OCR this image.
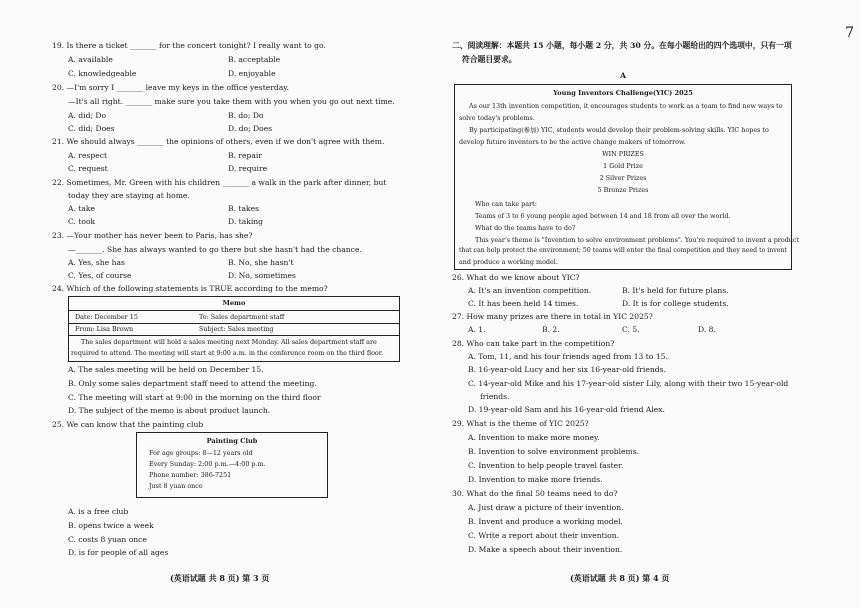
19. Is there a ticket _______ for the concert tonight? I really want to go.
A. available	B. acceptable
C. knowledgeable	D. enjoyable
20. —I'm sorry I _______ leave my keys in the office yesterday.
—It's all right. _______ make sure you take them with you when you go out next time.
A. did; Do	B. do; Do
C. did; Does	D. do; Does
21. We should always _______ the opinions of others, even if we don't agree with them.
A. respect	B. repair
C. request	D. require
22. Sometimes, Mr. Green with his children _______ a walk in the park after dinner, but
today they are staying at home.
A. take	B. takes
C. took	D. taking
23. —Your mother has never been to Paris, has she?
—_______. She has always wanted to go there but she hasn't had the chance.
A. Yes, she has	B. No, she hasn't
C. Yes, of course	D. No, sometimes
24. Which of the following statements is TRUE according to the memo?
Memo
Date: December 15	To: Sales department staff
From: Lisa Brown	Subject: Sales meeting
The sales department will hold a sales meeting next Monday. All sales department staff are
required to attend. The meeting will start at 9:00 a.m. in the conference room on the third floor.
A. The sales meeting will be held on December 15.
B. Only some sales department staff need to attend the meeting.
C. The meeting will start at 9:00 in the morning on the third floor
D. The subject of the memo is about product launch.
25. We can know that the painting club
Painting Club
For age groups: 8—12 years old
Every Sunday: 2:00 p.m.—4:00 p.m.
Phone number: 386-7251
Just 8 yuan once
A. is a free club
B. opens twice a week
C. costs 8 yuan once
D. is for people of all ages
(英语试题 共 8 页) 第 3 页
二、阅读理解：本题共 15 小题，每小题 2 分，共 30 分。在每小题给出的四个选项中，只有一项
符合题目要求。
A
Young Inventors Challenge(YIC) 2025
As our 13th invention competition, it encourages students to work as a team to find new ways to
solve today's problems.
By participating(参加) YIC, students would develop their problem-solving skills. YIC hopes to
develop future inventors to be the active change makers of tomorrow.
WIN PRIZES
1 Gold Prize
2 Silver Prizes
5 Bronze Prizes
Who can take part:
Teams of 3 to 6 young people aged between 14 and 18 from all over the world.
What do the teams have to do?
This year's theme is "Invention to solve environment problems". You're required to invent a product
that can help protect the environment; 50 teams will enter the final competition and they need to invent
and produce a working model.
26. What do we know about YIC?
A. It's an invention competition.	B. It's held for future plans.
C. It has been held 14 times.	D. It is for college students.
27. How many prizes are there in total in YIC 2025?
A. 1.	B. 2.	C. 5.	D. 8.
28. Who can take part in the competition?
A. Tom, 11, and his four friends aged from 13 to 15.
B. 16-year-old Lucy and her six 16-year-old friends.
C. 14-year-old Mike and his 17-year-old sister Lily, along with their two 15-year-old
friends.
D. 19-year-old Sam and his 16-year-old friend Alex.
29. What is the theme of YIC 2025?
A. Invention to make more money.
B. Invention to solve environment problems.
C. Invention to help people travel faster.
D. Invention to make more friends.
30. What do the final 50 teams need to do?
A. Just draw a picture of their invention.
B. Invent and produce a working model.
C. Write a report about their invention.
D. Make a speech about their invention.
(英语试题 共 8 页) 第 4 页
7
